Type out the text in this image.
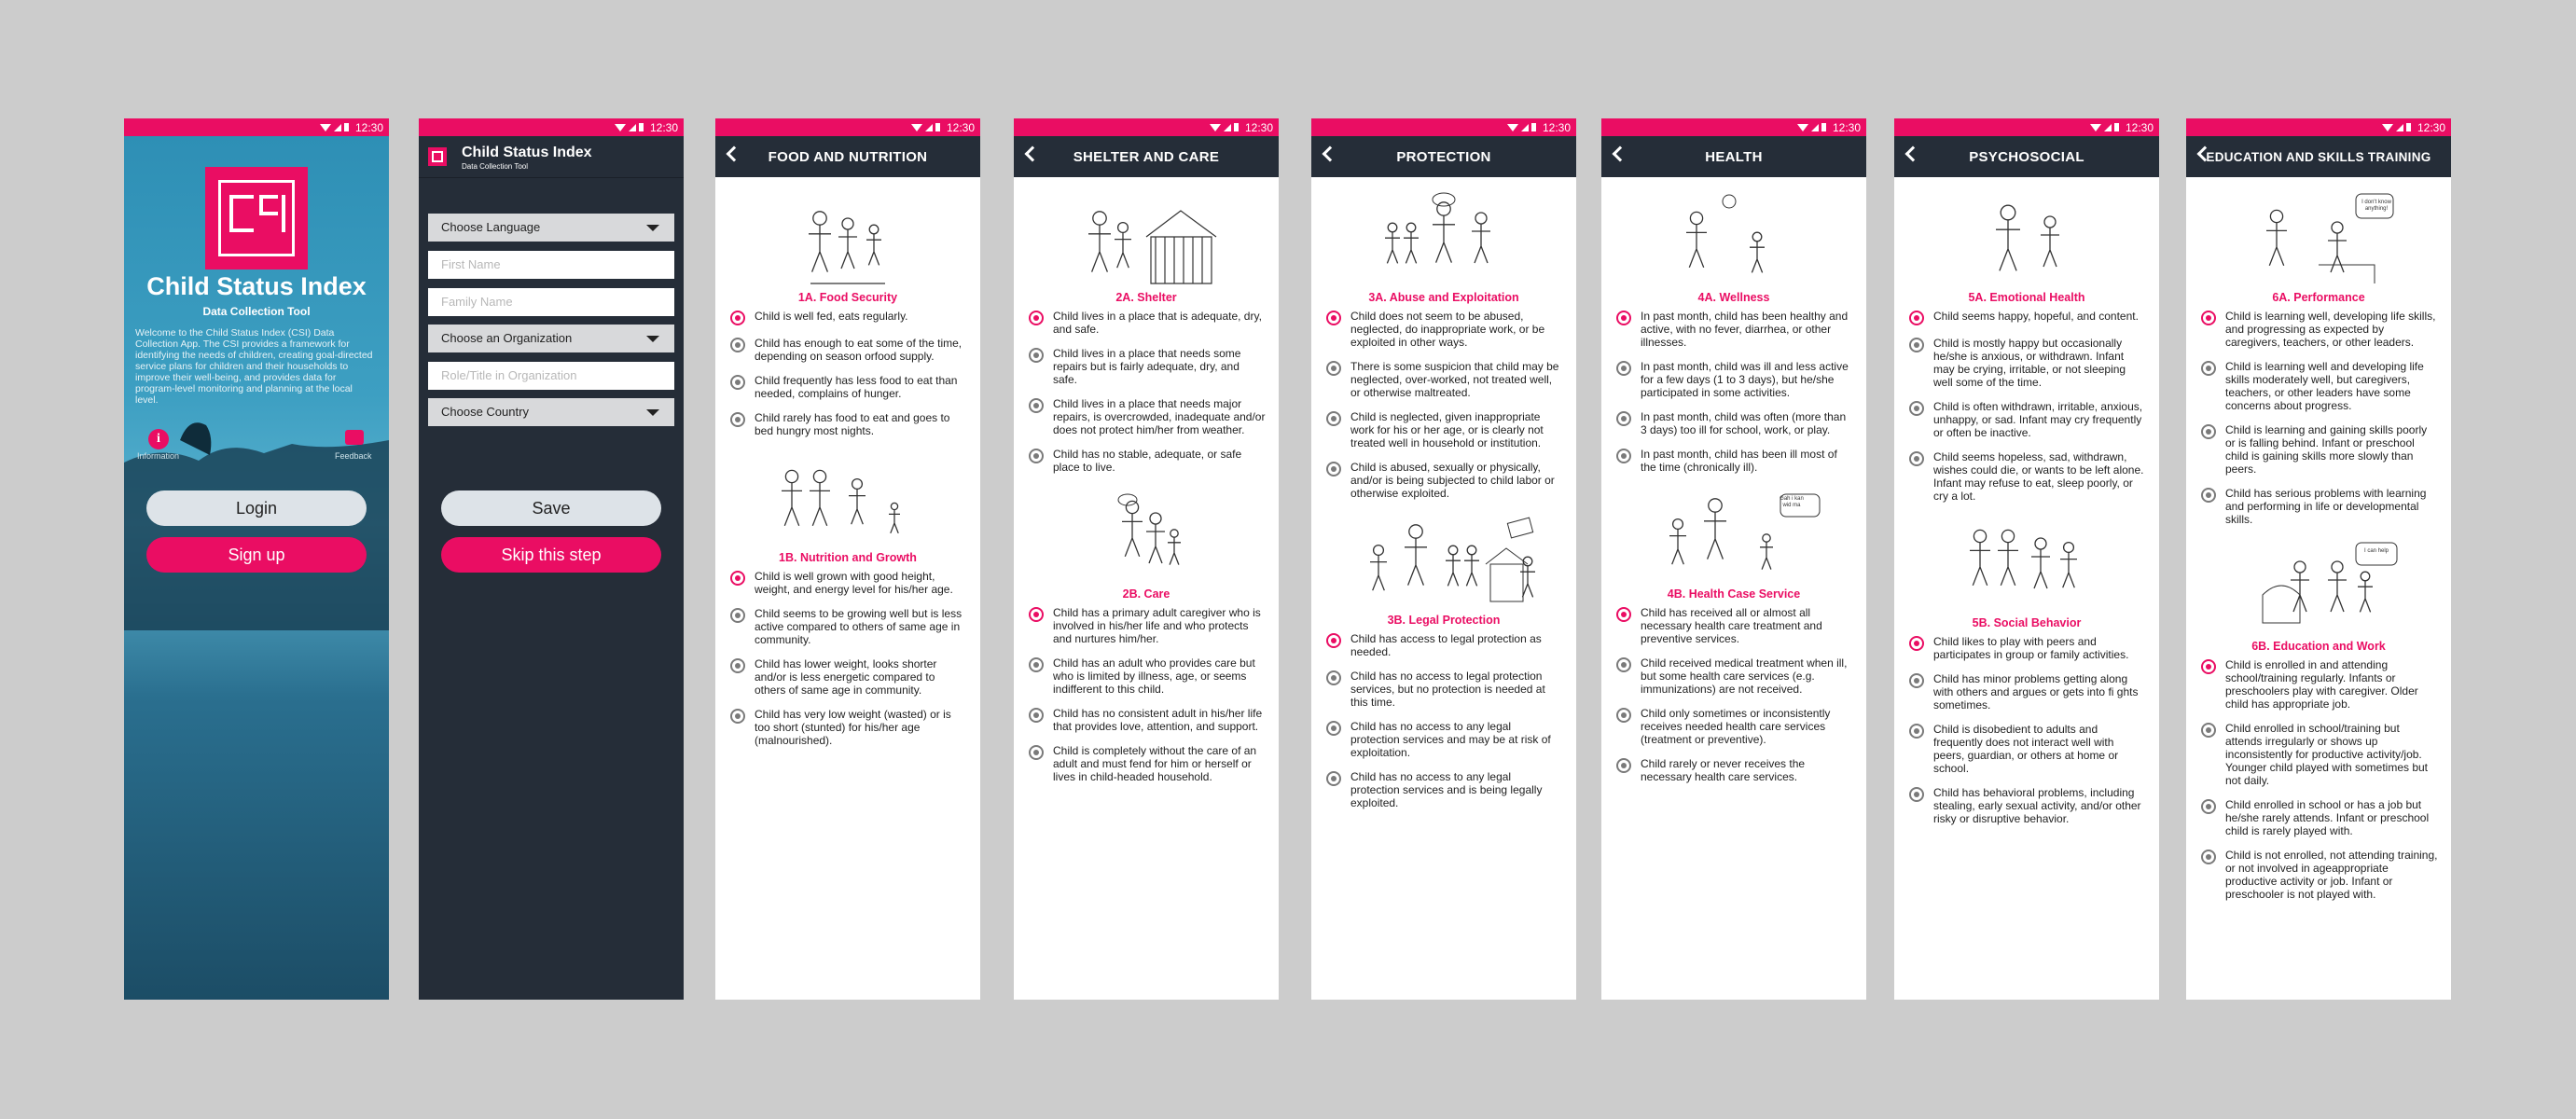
12:30
Child Status Index
Data Collection Tool
Welcome to the Child Status Index (CSI) Data Collection App. The CSI provides a framework for identifying the needs of children, creating goal-directed service plans for children and their households to improve their well-being, and provides data for program-level monitoring and planning at the local level.
i
Information	Feedback
Login
Sign up
12:30
Child Status Index
Data Collection Tool
Choose Language
First Name
Family Name
Choose an Organization
Role/Title in Organization
Choose Country
Save
Skip this step
12:30
FOOD AND NUTRITION
1A. Food Security
Child is well fed, eats regularly.
Child has enough to eat some of the time, depending on season orfood supply.
Child frequently has less food to eat than needed, complains of hunger.
Child rarely has food to eat and goes to bed hungry most nights.
1B. Nutrition and Growth
Child is well grown with good height, weight, and energy level for his/her age.
Child seems to be growing well but is less active compared to others of same age in community.
Child has lower weight, looks shorter and/or is less energetic compared to others of same age in community.
Child has very low weight (wasted) or is too short (stunted) for his/her age (malnourished).
12:30
SHELTER AND CARE
2A. Shelter
Child lives in a place that is adequate, dry, and safe.
Child lives in a place that needs some repairs but is fairly adequate, dry, and safe.
Child lives in a place that needs major repairs, is overcrowded, inadequate and/or does not protect him/her from weather.
Child has no stable, adequate, or safe place to live.
2B. Care
Child has a primary adult caregiver who is involved in his/her life and who protects and nurtures him/her.
Child has an adult who provides care but who is limited by illness, age, or seems indifferent to this child.
Child has no consistent adult in his/her life that provides love, attention, and support.
Child is completely without the care of an adult and must fend for him or herself or lives in child-headed household.
12:30
PROTECTION
3A. Abuse and Exploitation
Child does not seem to be abused, neglected, do inappropriate work, or be exploited in other ways.
There is some suspicion that child may be neglected, over-worked, not treated well, or otherwise maltreated.
Child is neglected, given inappropriate work for his or her age, or is clearly not treated well in household or institution.
Child is abused, sexually or physically, and/or is being subjected to child labor or otherwise exploited.
3B. Legal Protection
Child has access to legal protection as needed.
Child has no access to legal protection services, but no protection is needed at this time.
Child has no access to any legal protection services and may be at risk of exploitation.
Child has no access to any legal protection services and is being legally exploited.
12:30
HEALTH
4A. Wellness
In past month, child has been healthy and active, with no fever, diarrhea, or other illnesses.
In past month, child was ill and less active for a few days (1 to 3 days), but he/she participated in some activities.
In past month, child was often (more than 3 days) too ill for school, work, or play.
In past month, child has been ill most of the time (chronically ill).
Gah i kan wid ma
4B. Health Case Service
Child has received all or almost all necessary health care treatment and preventive services.
Child received medical treatment when ill, but some health care services (e.g. immunizations) are not received.
Child only sometimes or inconsistently receives needed health care services (treatment or preventive).
Child rarely or never receives the necessary health care services.
12:30
PSYCHOSOCIAL
5A. Emotional Health
Child seems happy, hopeful, and content.
Child is mostly happy but occasionally he/she is anxious, or withdrawn. Infant may be crying, irritable, or not sleeping well some of the time.
Child is often withdrawn, irritable, anxious, unhappy, or sad. Infant may cry frequently or often be inactive.
Child seems hopeless, sad, withdrawn, wishes could die, or wants to be left alone. Infant may refuse to eat, sleep poorly, or cry a lot.
5B. Social Behavior
Child likes to play with peers and participates in group or family activities.
Child has minor problems getting along with others and argues or gets into fi ghts sometimes.
Child is disobedient to adults and frequently does not interact well with peers, guardian, or others at home or school.
Child has behavioral problems, including stealing, early sexual activity, and/or other risky or disruptive behavior.
12:30
EDUCATION AND SKILLS TRAINING
I don't know anything!
6A. Performance
Child is learning well, developing life skills, and progressing as expected by caregivers, teachers, or other leaders.
Child is learning well and developing life skills moderately well, but caregivers, teachers, or other leaders have some concerns about progress.
Child is learning and gaining skills poorly or is falling behind. Infant or preschool child is gaining skills more slowly than peers.
Child has serious problems with learning and performing in life or developmental skills.
I can help
6B. Education and Work
Child is enrolled in and attending school/training regularly. Infants or preschoolers play with caregiver. Older child has appropriate job.
Child enrolled in school/training but attends irregularly or shows up inconsistently for productive activity/job. Younger child played with sometimes but not daily.
Child enrolled in school or has a job but he/she rarely attends. Infant or preschool child is rarely played with.
Child is not enrolled, not attending training, or not involved in ageappropriate productive activity or job. Infant or preschooler is not played with.
